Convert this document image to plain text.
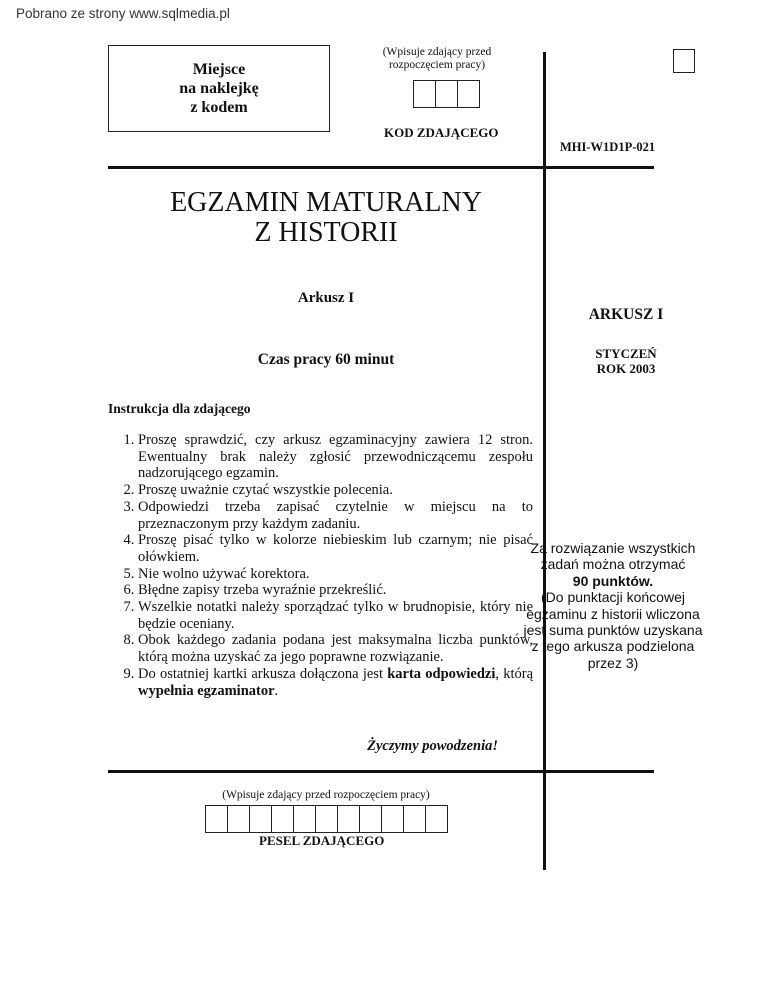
Pobrano ze strony www.sqlmedia.pl
Miejsce
na naklejkę
z kodem
(Wpisuje zdający przed
rozpoczęciem pracy)
KOD ZDAJĄCEGO
MHI-W1D1P-021
EGZAMIN MATURALNY
Z HISTORII
Arkusz I
Czas pracy 60 minut
ARKUSZ I
STYCZEŃ
ROK 2003
Instrukcja dla zdającego
1. Proszę sprawdzić, czy arkusz egzaminacyjny zawiera 12 stron. Ewentualny brak należy zgłosić przewodniczącemu zespołu nadzorującego egzamin.
2. Proszę uważnie czytać wszystkie polecenia.
3. Odpowiedzi trzeba zapisać czytelnie w miejscu na to przeznaczonym przy każdym zadaniu.
4. Proszę pisać tylko w kolorze niebieskim lub czarnym; nie pisać ołówkiem.
5. Nie wolno używać korektora.
6. Błędne zapisy trzeba wyraźnie przekreślić.
7. Wszelkie notatki należy sporządzać tylko w brudnopisie, który nie będzie oceniany.
8. Obok każdego zadania podana jest maksymalna liczba punktów, którą można uzyskać za jego poprawne rozwiązanie.
9. Do ostatniej kartki arkusza dołączona jest karta odpowiedzi, którą wypełnia egzaminator.
Życzymy powodzenia!
Za rozwiązanie wszystkich zadań można otrzymać
90 punktów.
(Do punktacji końcowej egzaminu z historii wliczona jest suma punktów uzyskana z tego arkusza podzielona przez 3)
(Wpisuje zdający przed rozpoczęciem pracy)
PESEL ZDAJĄCEGO
